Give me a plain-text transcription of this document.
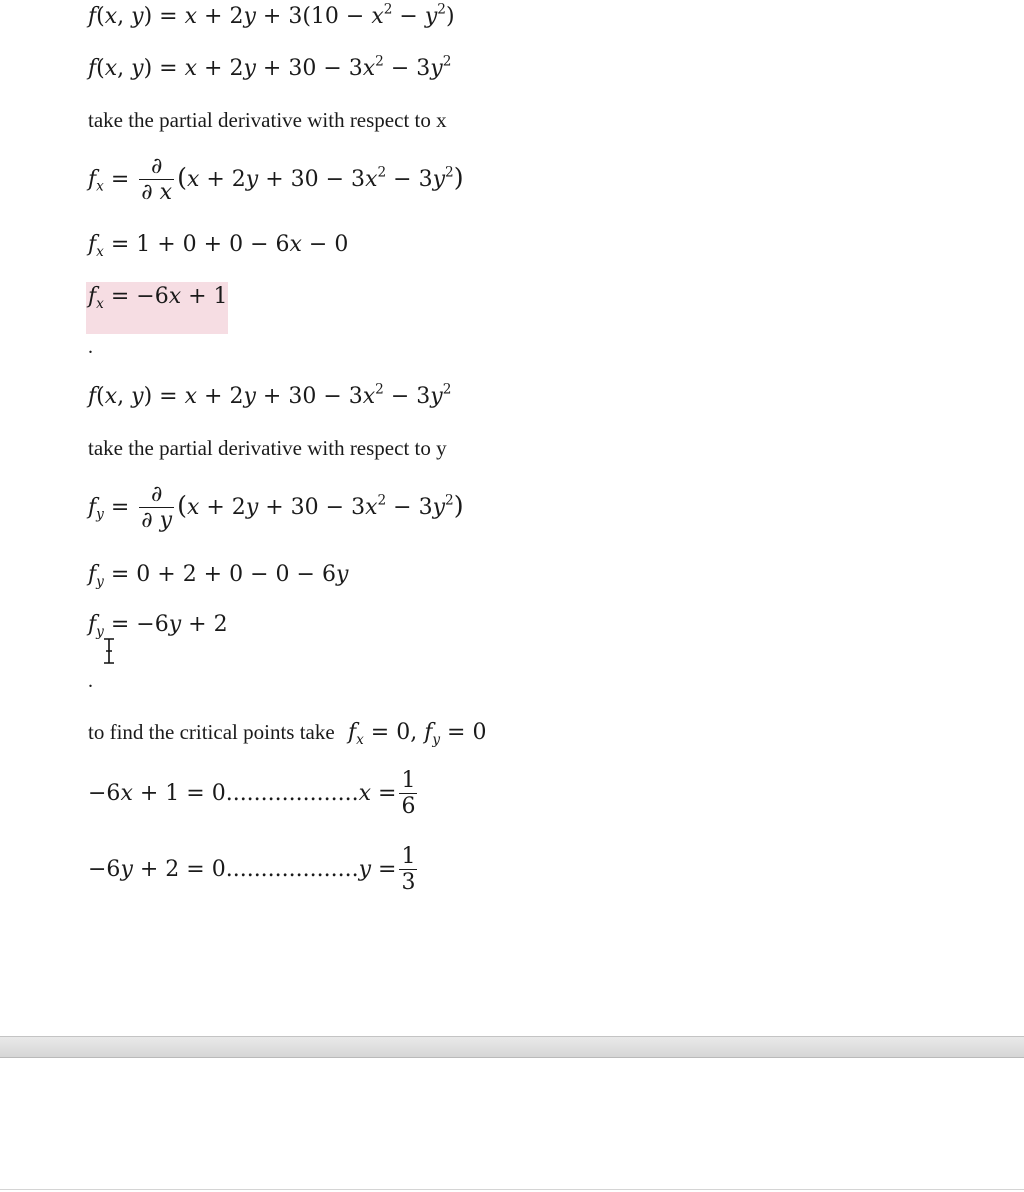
f(x, $y) = x + 2y + 3(10 - x^2 - y^2)$
f(x, $y) = x + 2y + 30 - 3x^2 - 3y^2$
take the partial derivative with respect to x
$f_x = \frac{\partial}{\partial x} (x + 2y + 30 - 3x^2 - 3y^2)$
$f_x = 1 + 0 + 0 - 6x - 0$
$f_x = -6x + 1$
.
f(x, $y) = x + 2y + 30 - 3x^2 - 3y^2$
take the partial derivative with respect to y
$f_y = \frac{\partial}{\partial y} (x + 2y + 30 - 3x^2 - 3y^2)$
$f_y = 0 + 2 + 0 - 0 - 6y$
$f_y = -6y + 2$
.
to find the critical points take $f_x = 0$, $f_y = 0$
$-6x + 1 = 0...................x = \frac{1}{6}$
$-6y + 2 = 0...................y = \frac{1}{3}$
